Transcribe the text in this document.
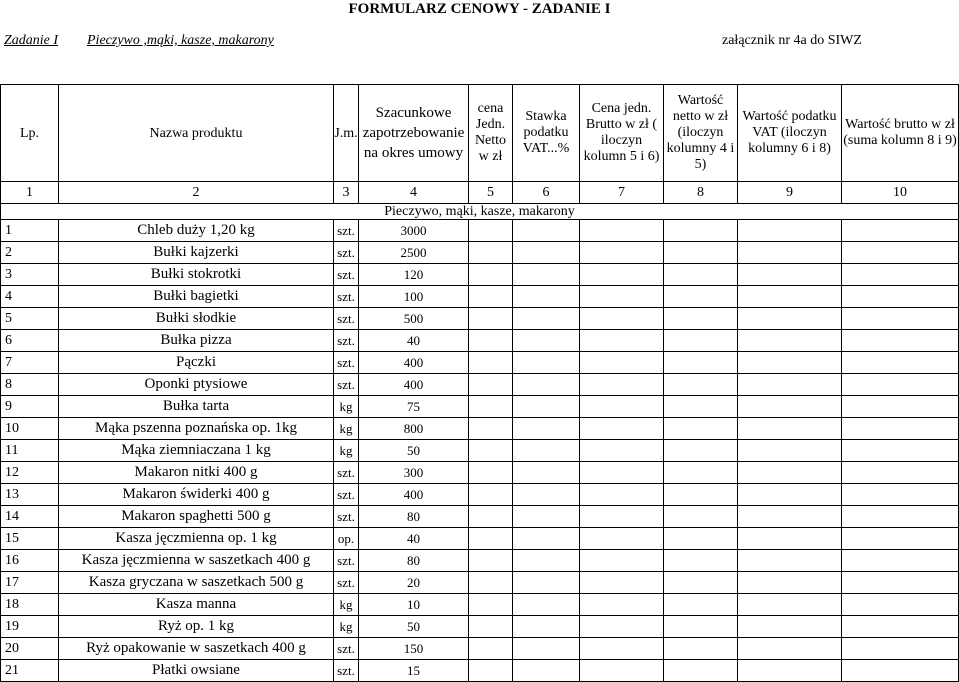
FORMULARZ CENOWY - ZADANIE I
Zadanie I Pieczywo ,mąki, kasze, makarony	załącznik nr 4a do SIWZ
Lp.	Nazwa produktu	J.m.	Szacunkowe zapotrzebowanie na okres umowy	cena Jedn. Netto w zł	Stawka podatku VAT...%	Cena jedn. Brutto w zł ( iloczyn kolumn 5 i 6)	Wartość netto w zł (iloczyn kolumny 4 i 5)	Wartość podatku VAT (iloczyn kolumny 6 i 8)	Wartość brutto w zł (suma kolumn 8 i 9)
1	2	3	4	5	6	7	8	9	10
Pieczywo, mąki, kasze, makarony									
1	Chleb duży 1,20 kg	szt.	3000						
2	Bułki kajzerki	szt.	2500						
3	Bułki stokrotki	szt.	120						
4	Bułki bagietki	szt.	100						
5	Bułki słodkie	szt.	500						
6	Bułka pizza	szt.	40						
7	Pączki	szt.	400						
8	Oponki ptysiowe	szt.	400						
9	Bułka tarta	kg	75						
10	Mąka pszenna poznańska op. 1kg	kg	800						
11	Mąka ziemniaczana 1 kg	kg	50						
12	Makaron nitki 400 g	szt.	300						
13	Makaron świderki 400 g	szt.	400						
14	Makaron spaghetti 500 g	szt.	80						
15	Kasza jęczmienna op. 1 kg	op.	40						
16	Kasza jęczmienna w saszetkach 400 g	szt.	80						
17	Kasza gryczana w saszetkach 500 g	szt.	20						
18	Kasza manna	kg	10						
19	Ryż op. 1 kg	kg	50						
20	Ryż opakowanie w saszetkach 400 g	szt.	150						
21	Płatki owsiane	szt.	15						
